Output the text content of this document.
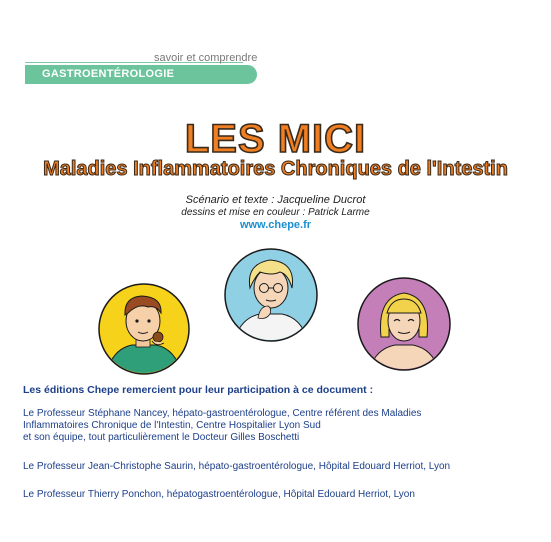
savoir et comprendre
GASTROENTÉROLOGIE
LES MICI
Maladies Inflammatoires Chroniques de l'Intestin
Scénario et texte : Jacqueline Ducrot
dessins et mise en couleur : Patrick Larme
www.chepe.fr
Les éditions Chepe remercient pour leur participation à ce document :
Le Professeur Stéphane Nancey, hépato-gastroentérologue, Centre référent des Maladies
Inflammatoires Chronique de l'Intestin, Centre Hospitalier Lyon Sud
et son équipe, tout particulièrement le Docteur Gilles Boschetti
Le Professeur Jean-Christophe Saurin, hépato-gastroentérologue, Hôpital Edouard Herriot, Lyon
Le Professeur Thierry Ponchon, hépatogastroentérologue, Hôpital Edouard Herriot, Lyon
